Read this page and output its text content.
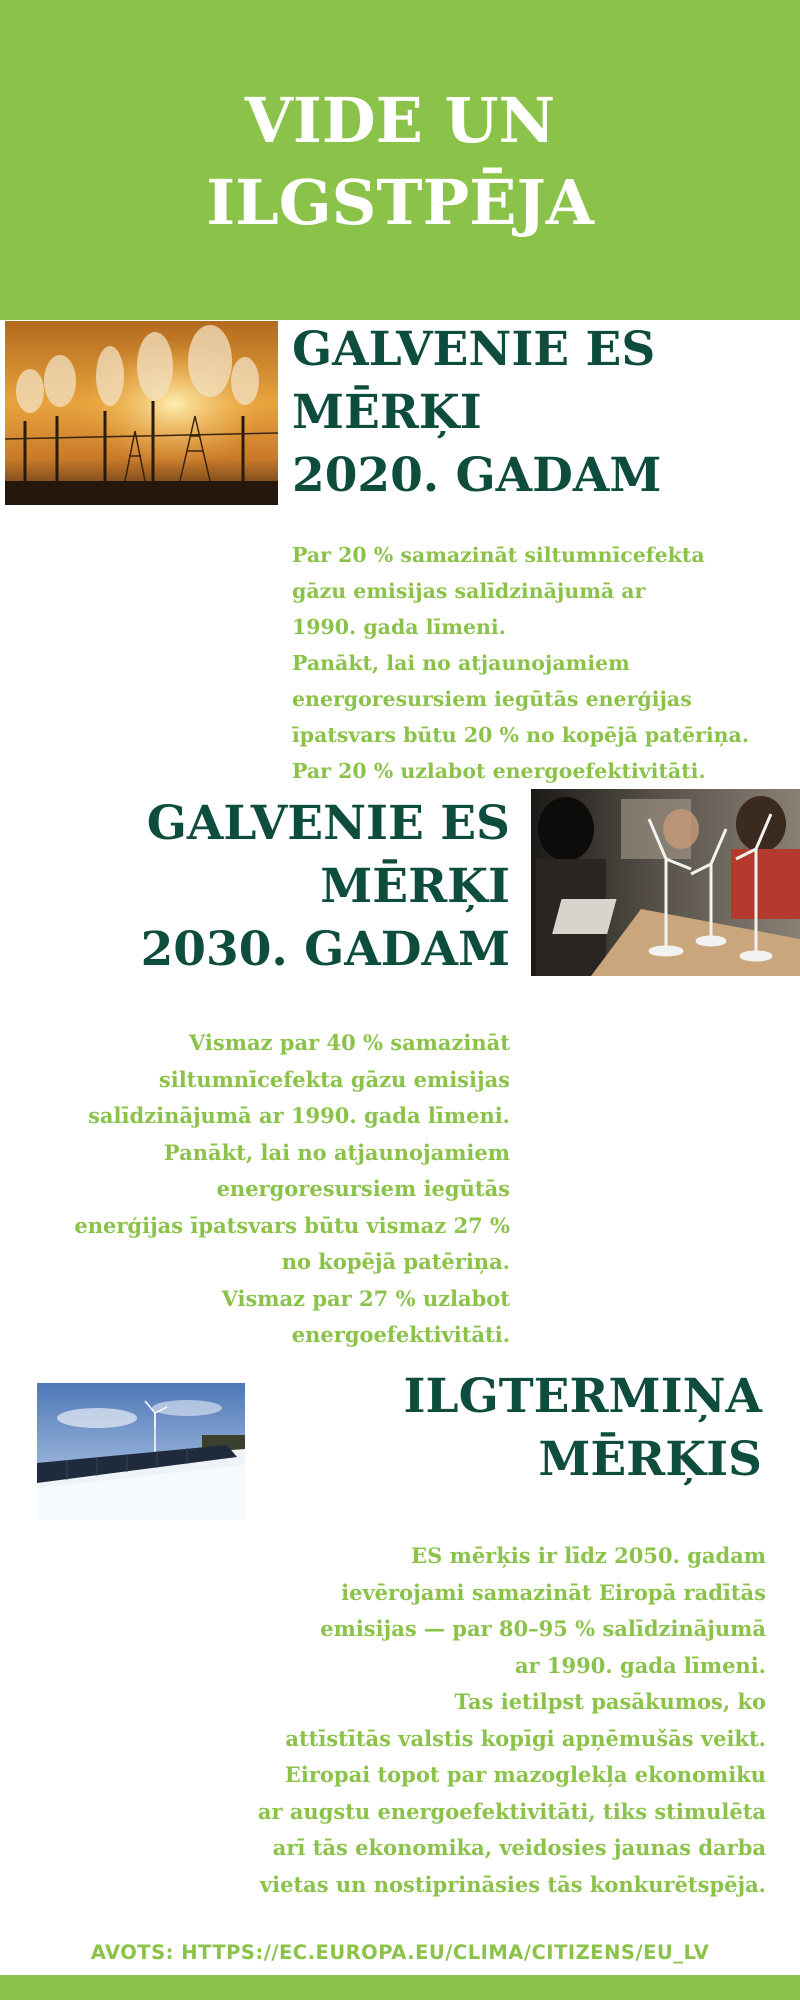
VIDE UN
ILGSTPĒJA
GALVENIE ES
MĒRĶI
2020. GADAM

Par 20 % samazināt siltumnīcefekta
gāzu emisijas salīdzinājumā ar
1990. gada līmeni.
Panākt, lai no atjaunojamiem
energoresursiem iegūtās enerģijas
īpatsvars būtu 20 % no kopējā patēriņa.
Par 20 % uzlabot energoefektivitāti.

GALVENIE ES
MĒRĶI
2030. GADAM

Vismaz par 40 % samazināt
siltumnīcefekta gāzu emisijas
salīdzinājumā ar 1990. gada līmeni.
Panākt, lai no atjaunojamiem
energoresursiem iegūtās
enerģijas īpatsvars būtu vismaz 27 %
no kopējā patēriņa.
Vismaz par 27 % uzlabot
energoefektivitāti.

ILGTERMIŅA
MĒRĶIS

ES mērķis ir līdz 2050. gadam
ievērojami samazināt Eiropā radītās
emisijas — par 80–95 % salīdzinājumā
ar 1990. gada līmeni.
Tas ietilpst pasākumos, ko
attīstītās valstis kopīgi apņēmušās veikt.
Eiropai topot par mazoglekļa ekonomiku
ar augstu energoefektivitāti, tiks stimulēta
arī tās ekonomika, veidosies jaunas darba
vietas un nostiprināsies tās konkurētspēja.

AVOTS: HTTPS://EC.EUROPA.EU/CLIMA/CITIZENS/EU_LV
